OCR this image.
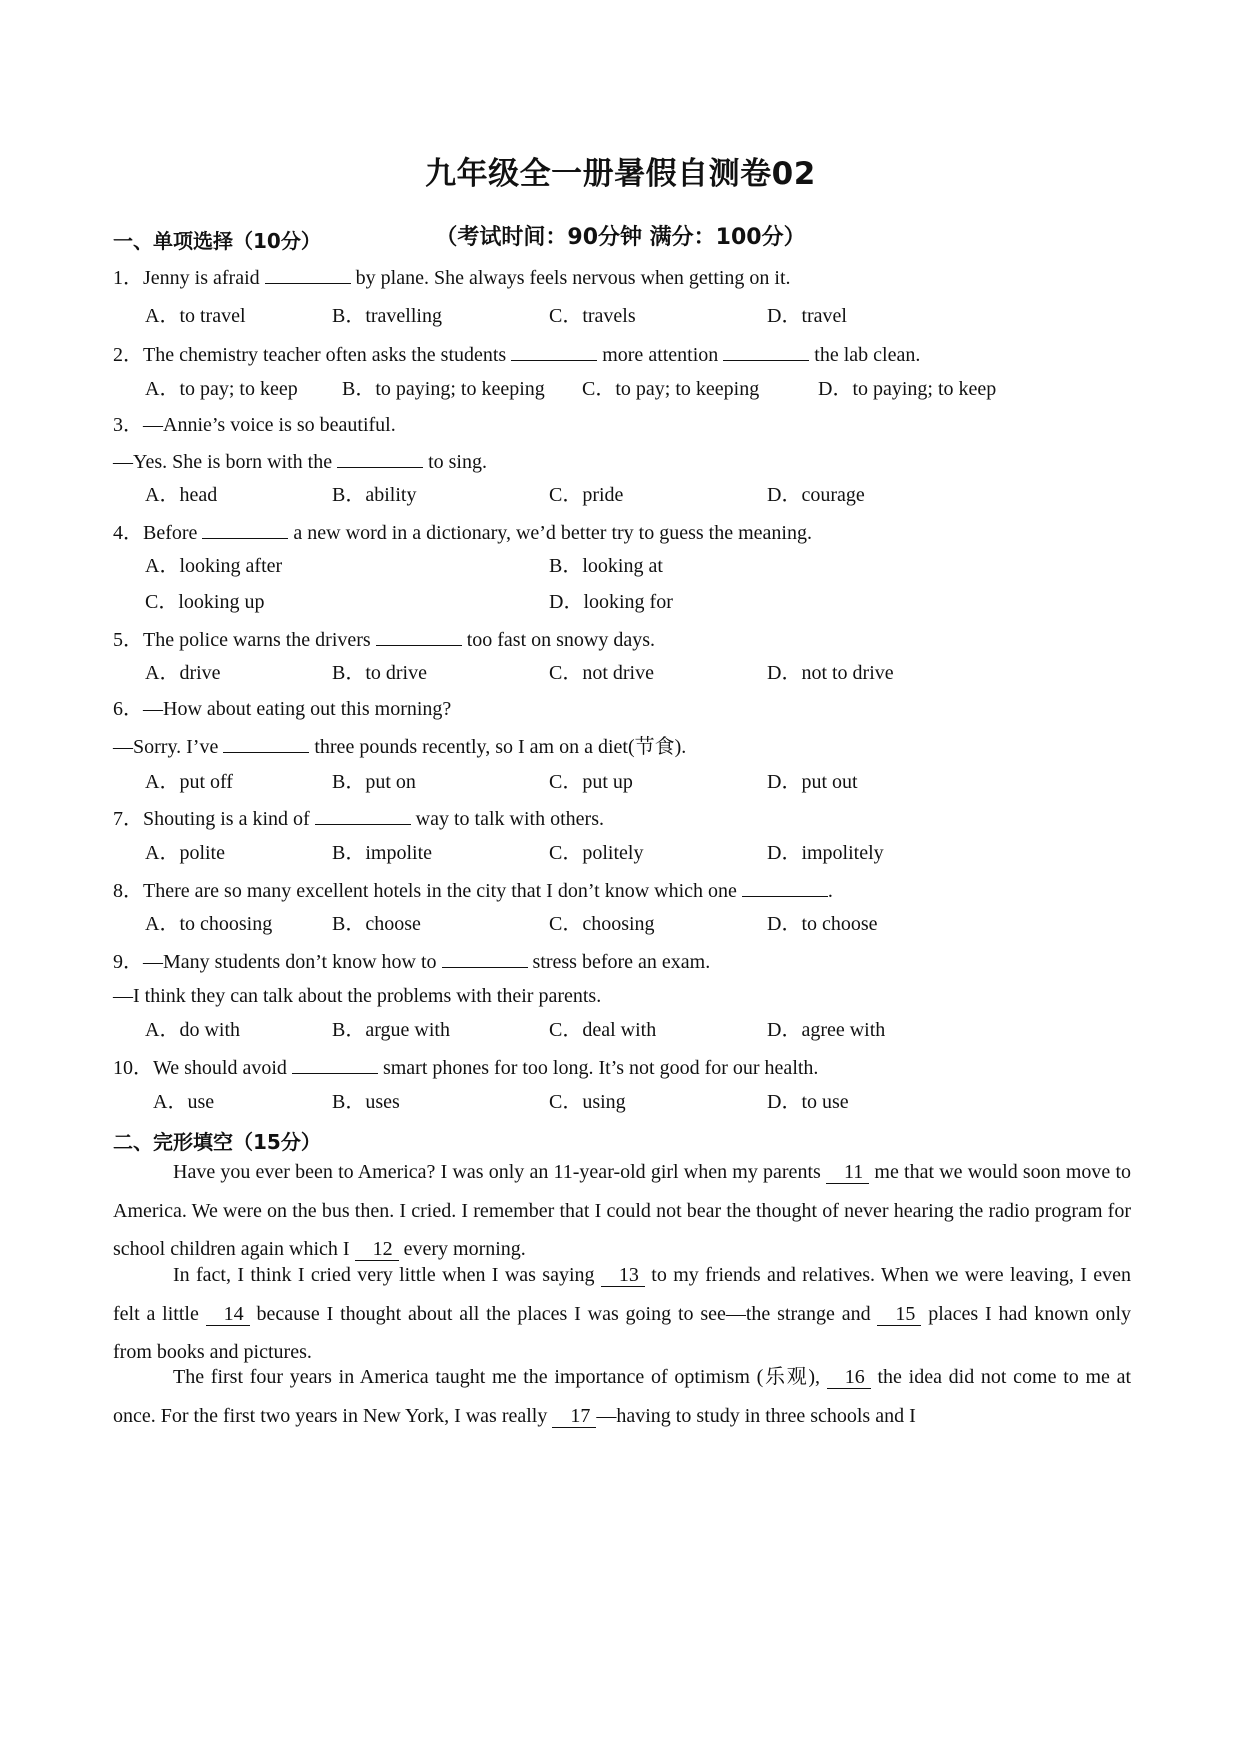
九年级全一册暑假自测卷02
（考试时间：90分钟 满分：100分）
一、单项选择（10分）
1．Jenny is afraid	by plane. She always feels nervous when getting on it.
A．to travel	B．travelling	C．travels	D．travel
2．The chemistry teacher often asks the students	more attention	the lab clean.
A．to pay; to keep B．to paying; to keeping C．to pay; to keeping	D．to paying; to keep
3．—Annie’s voice is so beautiful.
—Yes. She is born with the	to sing.
A．head	B．ability	C．pride	D．courage
4．Before	a new word in a dictionary, we’d better try to guess the meaning.
A．looking after	B．looking at
C．looking up	D．looking for
5．The police warns the drivers	too fast on snowy days.
A．drive	B．to drive	C．not drive	D．not to drive
6．—How about eating out this morning?
—Sorry. I’ve	three pounds recently, so I am on a diet(节食).
A．put off	B．put on	C．put up	D．put out
7．Shouting is a kind of	way to talk with others.
A．polite	B．impolite	C．politely	D．impolitely
8．There are so many excellent hotels in the city that I don’t know which one	.
A．to choosing	B．choose	C．choosing	D．to choose
9．—Many students don’t know how to	stress before an exam.
—I think they can talk about the problems with their parents.
A．do with	B．argue with	C．deal with	D．agree with
10．We should avoid	smart phones for too long. It’s not good for our health.
A．use	B．uses	C．using	D．to use
二、完形填空（15分）
Have you ever been to America? I was only an 11-year-old girl when my parents 11 me that we would soon move to America. We were on the bus then. I cried. I remember that I could not bear the thought of never hearing the radio program for school children again which I 12 every morning.
In fact, I think I cried very little when I was saying 13 to my friends and relatives. When we were leaving, I even felt a little 14 because I thought about all the places I was going to see—the strange and 15 places I had known only from books and pictures.
The first four years in America taught me the importance of optimism (乐观), 16 the idea did not come to me at once. For the first two years in New York, I was really 17 —having to study in three schools and I
